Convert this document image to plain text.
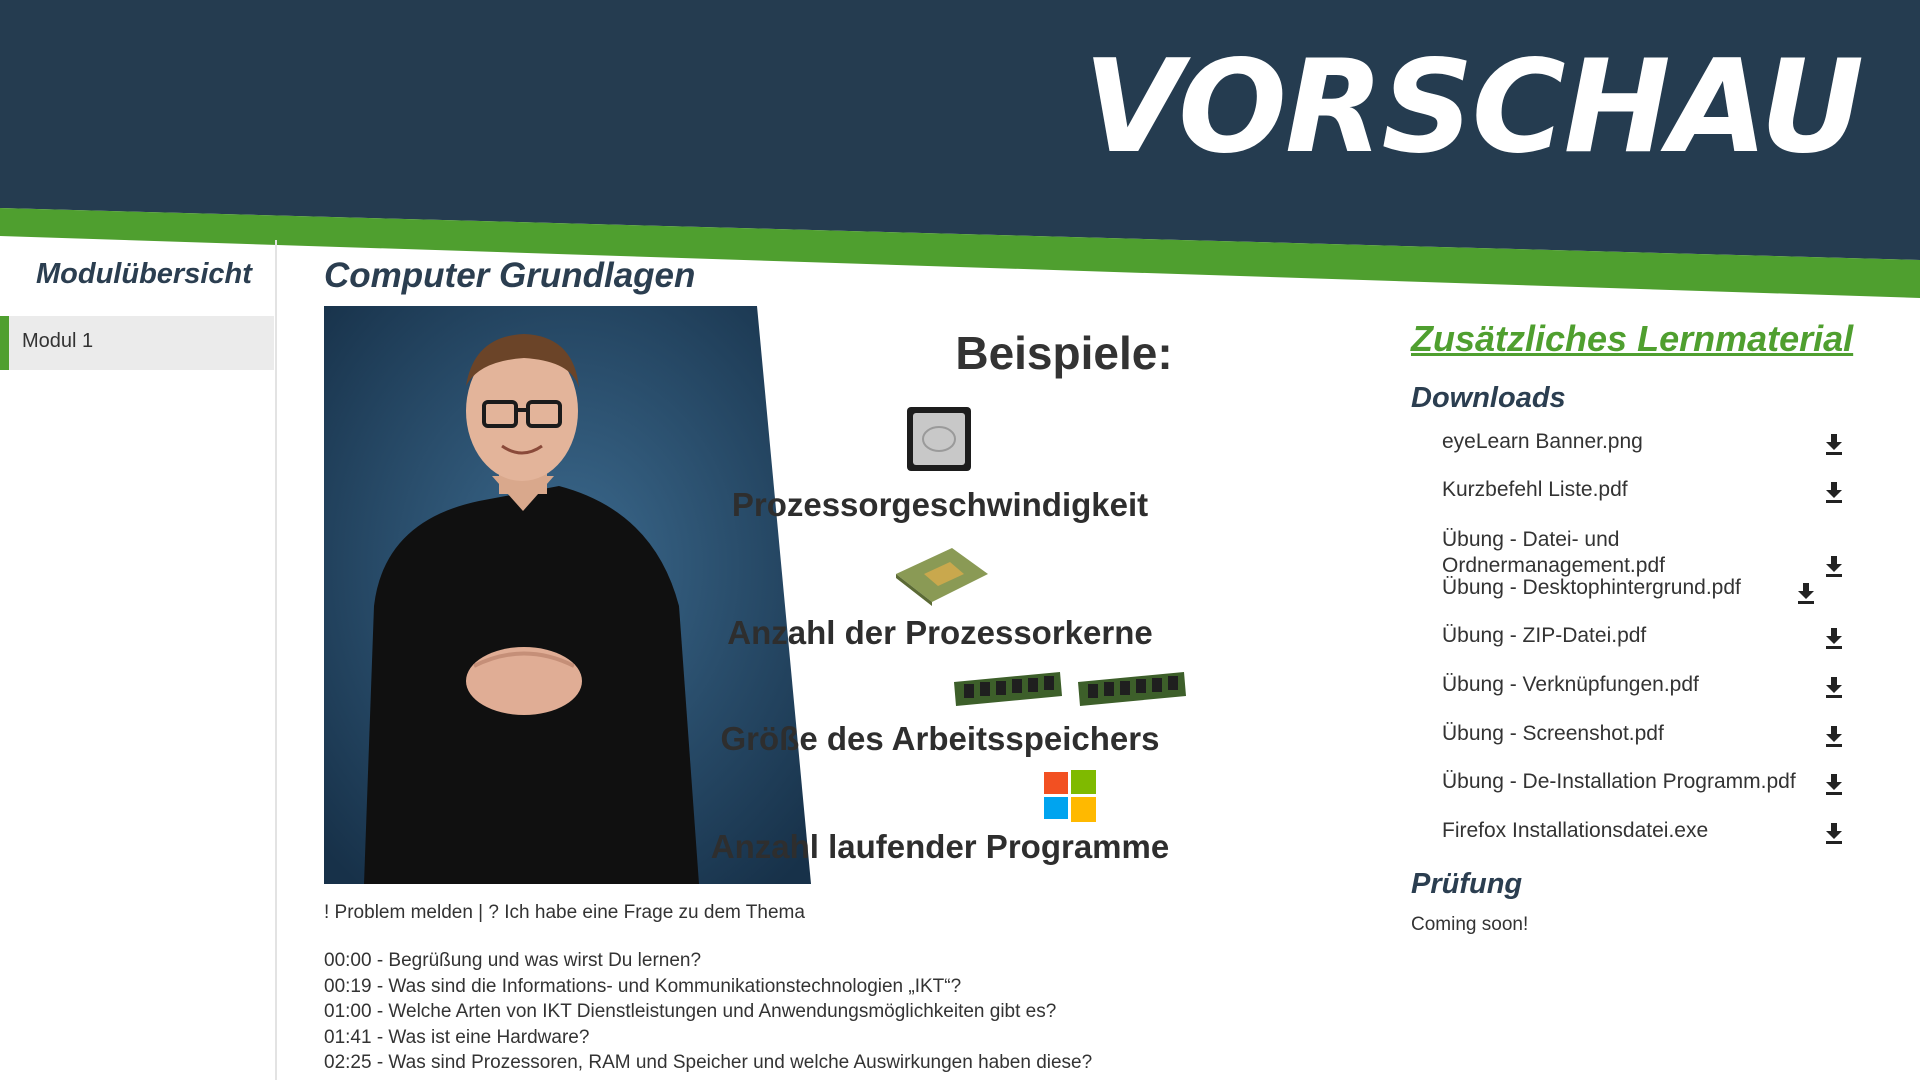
VORSCHAU
Modulübersicht
Modul 1
Computer Grundlagen
Beispiele:
Prozessorgeschwindigkeit
Anzahl der Prozessorkerne
Größe des Arbeitsspeichers
Anzahl laufender Programme
! Problem melden | ? Ich habe eine Frage zu dem Thema
00:00 - Begrüßung und was wirst Du lernen?
00:19 - Was sind die Informations- und Kommunikationstechnologien „IKT“?
01:00 - Welche Arten von IKT Dienstleistungen und Anwendungsmöglichkeiten gibt es?
01:41 - Was ist eine Hardware?
02:25 - Was sind Prozessoren, RAM und Speicher und welche Auswirkungen haben diese?
Zusätzliches Lernmaterial
Downloads
eyeLearn Banner.png
Kurzbefehl Liste.pdf
Übung - Datei- und Ordnermanagement.pdf
Übung - Desktophintergrund.pdf
Übung - ZIP-Datei.pdf
Übung - Verknüpfungen.pdf
Übung - Screenshot.pdf
Übung - De-Installation Programm.pdf
Firefox Installationsdatei.exe
Prüfung
Coming soon!
